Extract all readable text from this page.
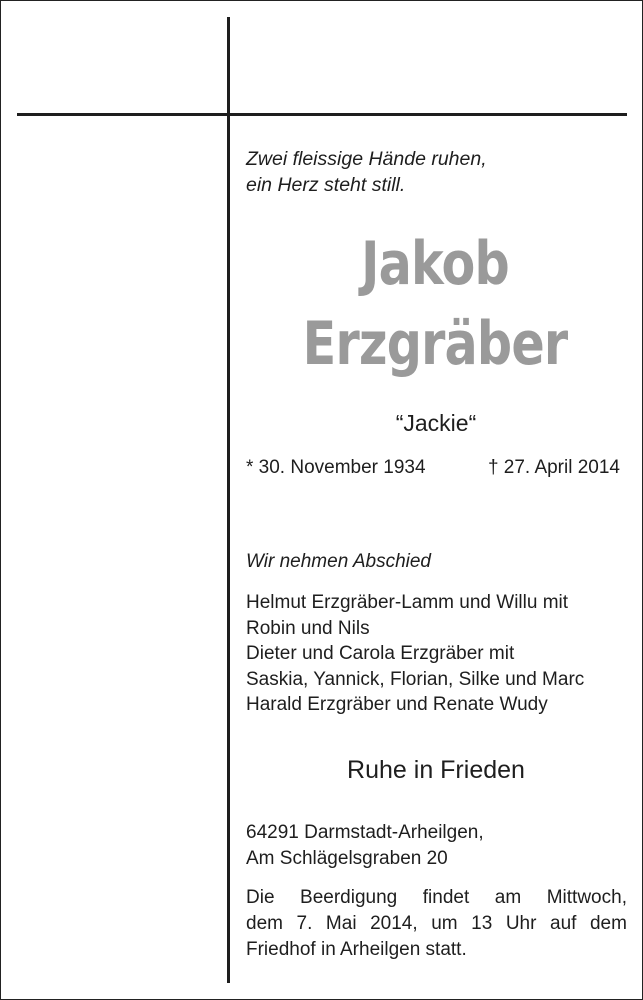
Zwei fleissige Hände ruhen,
ein Herz steht still.
Jakob
Erzgräber
“Jackie“
* 30. November 1934	† 27. April 2014
Wir nehmen Abschied
Helmut Erzgräber-Lamm und Willu mit
Robin und Nils
Dieter und Carola Erzgräber mit
Saskia, Yannick, Florian, Silke und Marc
Harald Erzgräber und Renate Wudy
Ruhe in Frieden
64291 Darmstadt-Arheilgen,
Am Schlägelsgraben 20
Die Beerdigung findet am Mittwoch,
dem 7. Mai 2014, um 13 Uhr auf dem
Friedhof in Arheilgen statt.
